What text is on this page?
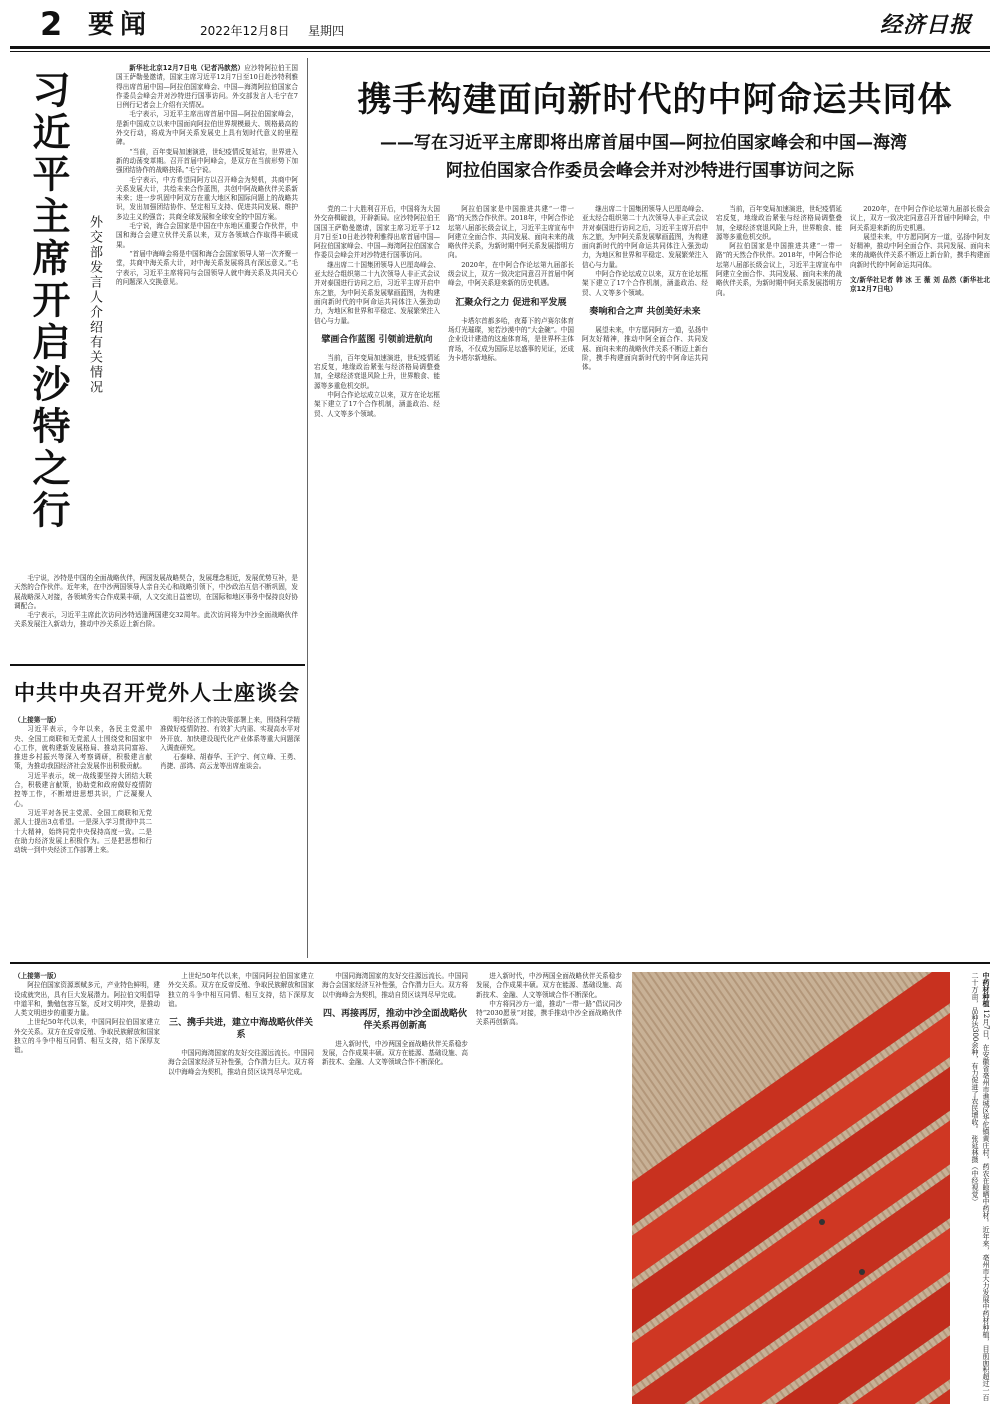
2 要闻	2022年12月8日 星期四	经济日报
习近平主席开启沙特之行	外交部发言人介绍有关情况

新华社北京12月7日电（记者冯歆然）应沙特阿拉伯王国国王萨勒曼邀请，国家主席习近平12月7日至10日赴沙特利雅得出席首届中国—阿拉伯国家峰会、中国—海湾阿拉伯国家合作委员会峰会并对沙特进行国事访问。外交部发言人毛宁在7日例行记者会上介绍有关情况。

毛宁表示，习近平主席出席首届中国—阿拉伯国家峰会，是新中国成立以来中国面向阿拉伯世界规模最大、规格最高的外交行动，将成为中阿关系发展史上具有划时代意义的里程碑。

“当前，百年变局加速演进，世纪疫情反复延宕，世界进入新的动荡变革期。召开首届中阿峰会，是双方在当前形势下加强团结协作的战略抉择。”毛宁说。

毛宁表示，中方希望同阿方以召开峰会为契机，共商中阿关系发展大计，共绘未来合作蓝图，共创中阿战略伙伴关系新未来；进一步巩固中阿双方在重大地区和国际问题上的战略共识，发出加强团结协作、坚定相互支持、促进共同发展、维护多边主义的强音；共商全球发展和全球安全的中国方案。

毛宁说，海合会国家是中国在中东地区重要合作伙伴，中国和海合会建立伙伴关系以来，双方各领域合作取得丰硕成果。

“首届中海峰会将是中国和海合会国家领导人第一次齐聚一堂，共商中海关系大计，对中海关系发展将具有深远意义。”毛宁表示，习近平主席将同与会国领导人就中海关系及共同关心的问题深入交换意见。

毛宁说，沙特是中国的全面战略伙伴，两国发展战略契合，发展理念相近，发展优势互补，是天然的合作伙伴。近年来，在中沙两国领导人亲自关心和战略引领下，中沙政治互信不断巩固，发展战略深入对接，各领域务实合作成果丰硕，人文交流日益密切，在国际和地区事务中保持良好协调配合。

毛宁表示，习近平主席此次访问沙特适逢两国建交32周年。此次访问将为中沙全面战略伙伴关系发展注入新动力，推动中沙关系迈上新台阶。

中共中央召开党外人士座谈会

（上接第一版）

习近平表示，今年以来，各民主党派中央、全国工商联和无党派人士围绕党和国家中心工作，就构建新发展格局、推动共同富裕、推进乡村振兴等深入考察调研，积极建言献策，为推动我国经济社会发展作出积极贡献。

习近平表示，统一战线要坚持大团结大联合，积极建言献策，协助党和政府做好疫情防控等工作，不断增进思想共识，广泛凝聚人心。

习近平对各民主党派、全国工商联和无党派人士提出3点希望。一是深入学习贯彻中共二十大精神，始终同党中央保持高度一致。二是在助力经济发展上积极作为。三是把思想和行动统一到中央经济工作部署上来。

明年经济工作的决策部署上来，围绕科学精准做好疫情防控、有效扩大内需、实现高水平对外开放、加快建设现代化产业体系等重大问题深入调查研究。

石泰峰、胡春华、王沪宁、何立峰、王勇、肖捷、邵鸿、高云龙等出席座谈会。

携手构建面向新时代的中阿命运共同体
——写在习近平主席即将出席首届中国—阿拉伯国家峰会和中国—海湾
阿拉伯国家合作委员会峰会并对沙特进行国事访问之际

党的二十大胜利召开后，中国将为大国外交奋楫破浪，开辟新局。应沙特阿拉伯王国国王萨勒曼邀请，国家主席习近平于12月7日至10日赴沙特利雅得出席首届中国—阿拉伯国家峰会、中国—海湾阿拉伯国家合作委员会峰会并对沙特进行国事访问。

继出席二十国集团领导人巴厘岛峰会、亚太经合组织第二十九次领导人非正式会议并对泰国进行访问之后，习近平主席开启中东之旅，为中阿关系发展擘画蓝图，为构建面向新时代的中阿命运共同体注入强劲动力，为地区和世界和平稳定、发展繁荣注入信心与力量。

擘画合作蓝图 引领前进航向

当前，百年变局加速演进，世纪疫情延宕反复，地缘政治紧张与经济格局调整叠加，全球经济衰退风险上升，世界粮食、能源等多重危机交织。

中阿合作论坛成立以来，双方在论坛框架下建立了17个合作机制，涵盖政治、经贸、人文等多个领域。

阿拉伯国家是中国推进共建“一带一路”的天然合作伙伴。2018年，中阿合作论坛第八届部长级会议上，习近平主席宣布中阿建立全面合作、共同发展、面向未来的战略伙伴关系，为新时期中阿关系发展指明方向。

2020年，在中阿合作论坛第九届部长级会议上，双方一致决定同意召开首届中阿峰会，中阿关系迎来新的历史机遇。

汇聚众行之力 促进和平发展

卡塔尔首都多哈，夜幕下的卢赛尔体育场灯光璀璨，宛若沙漠中的“大金碗”。中国企业设计建造的这座体育场，是世界杯主体育场，不仅成为国际足坛盛事的见证，还成为卡塔尔新地标。

继出席二十国集团领导人巴厘岛峰会、亚太经合组织第二十九次领导人非正式会议并对泰国进行访问之后，习近平主席开启中东之旅，为中阿关系发展擘画蓝图，为构建面向新时代的中阿命运共同体注入强劲动力，为地区和世界和平稳定、发展繁荣注入信心与力量。

中阿合作论坛成立以来，双方在论坛框架下建立了17个合作机制，涵盖政治、经贸、人文等多个领域。

奏响和合之声 共创美好未来

展望未来，中方愿同阿方一道，弘扬中阿友好精神，推动中阿全面合作、共同发展、面向未来的战略伙伴关系不断迈上新台阶，携手构建面向新时代的中阿命运共同体。

当前，百年变局加速演进，世纪疫情延宕反复，地缘政治紧张与经济格局调整叠加，全球经济衰退风险上升，世界粮食、能源等多重危机交织。

阿拉伯国家是中国推进共建“一带一路”的天然合作伙伴。2018年，中阿合作论坛第八届部长级会议上，习近平主席宣布中阿建立全面合作、共同发展、面向未来的战略伙伴关系，为新时期中阿关系发展指明方向。

2020年，在中阿合作论坛第九届部长级会议上，双方一致决定同意召开首届中阿峰会，中阿关系迎来新的历史机遇。

展望未来，中方愿同阿方一道，弘扬中阿友好精神，推动中阿全面合作、共同发展、面向未来的战略伙伴关系不断迈上新台阶，携手构建面向新时代的中阿命运共同体。

文/新华社记者 韩 冰 王 薇 刘 品然（新华社北京12月7日电）

（上接第一版）

阿拉伯国家资源禀赋多元，产业特色鲜明，建设成就突出，具有巨大发展潜力。阿拉伯文明倡导中道平和，勤勉包容互鉴，反对文明冲突，是推动人类文明进步的重要力量。

上世纪50年代以来，中国同阿拉伯国家建立外交关系。双方在反帝反殖、争取民族解放和国家独立的斗争中相互同情、相互支持，结下深厚友谊。

上世纪50年代以来，中国同阿拉伯国家建立外交关系。双方在反帝反殖、争取民族解放和国家独立的斗争中相互同情、相互支持，结下深厚友谊。

三、携手共进，建立中海战略伙伴关系

中国同海湾国家的友好交往源远流长。中国同海合会国家经济互补性强，合作潜力巨大。双方将以中海峰会为契机，推动自贸区谈判尽早完成。

中国同海湾国家的友好交往源远流长。中国同海合会国家经济互补性强，合作潜力巨大。双方将以中海峰会为契机，推动自贸区谈判尽早完成。

四、再接再厉，推动中沙全面战略伙伴关系再创新高

进入新时代，中沙两国全面战略伙伴关系稳步发展，合作成果丰硕。双方在能源、基础设施、高新技术、金融、人文等领域合作不断深化。

进入新时代，中沙两国全面战略伙伴关系稳步发展，合作成果丰硕。双方在能源、基础设施、高新技术、金融、人文等领域合作不断深化。

中方将同沙方一道，推动“一带一路”倡议同沙特“2030愿景”对接，携手推动中沙全面战略伙伴关系再创新高。

中药材种植 12月7日，在安徽省亳州市谯城区华佗镇黄庄村，药农在晾晒中药材。近年来，亳州市大力发展中药材种植，目前面积超过一百二十万亩，品种达300余种，有力促进了农民增收。 张延林摄（中经视觉）
